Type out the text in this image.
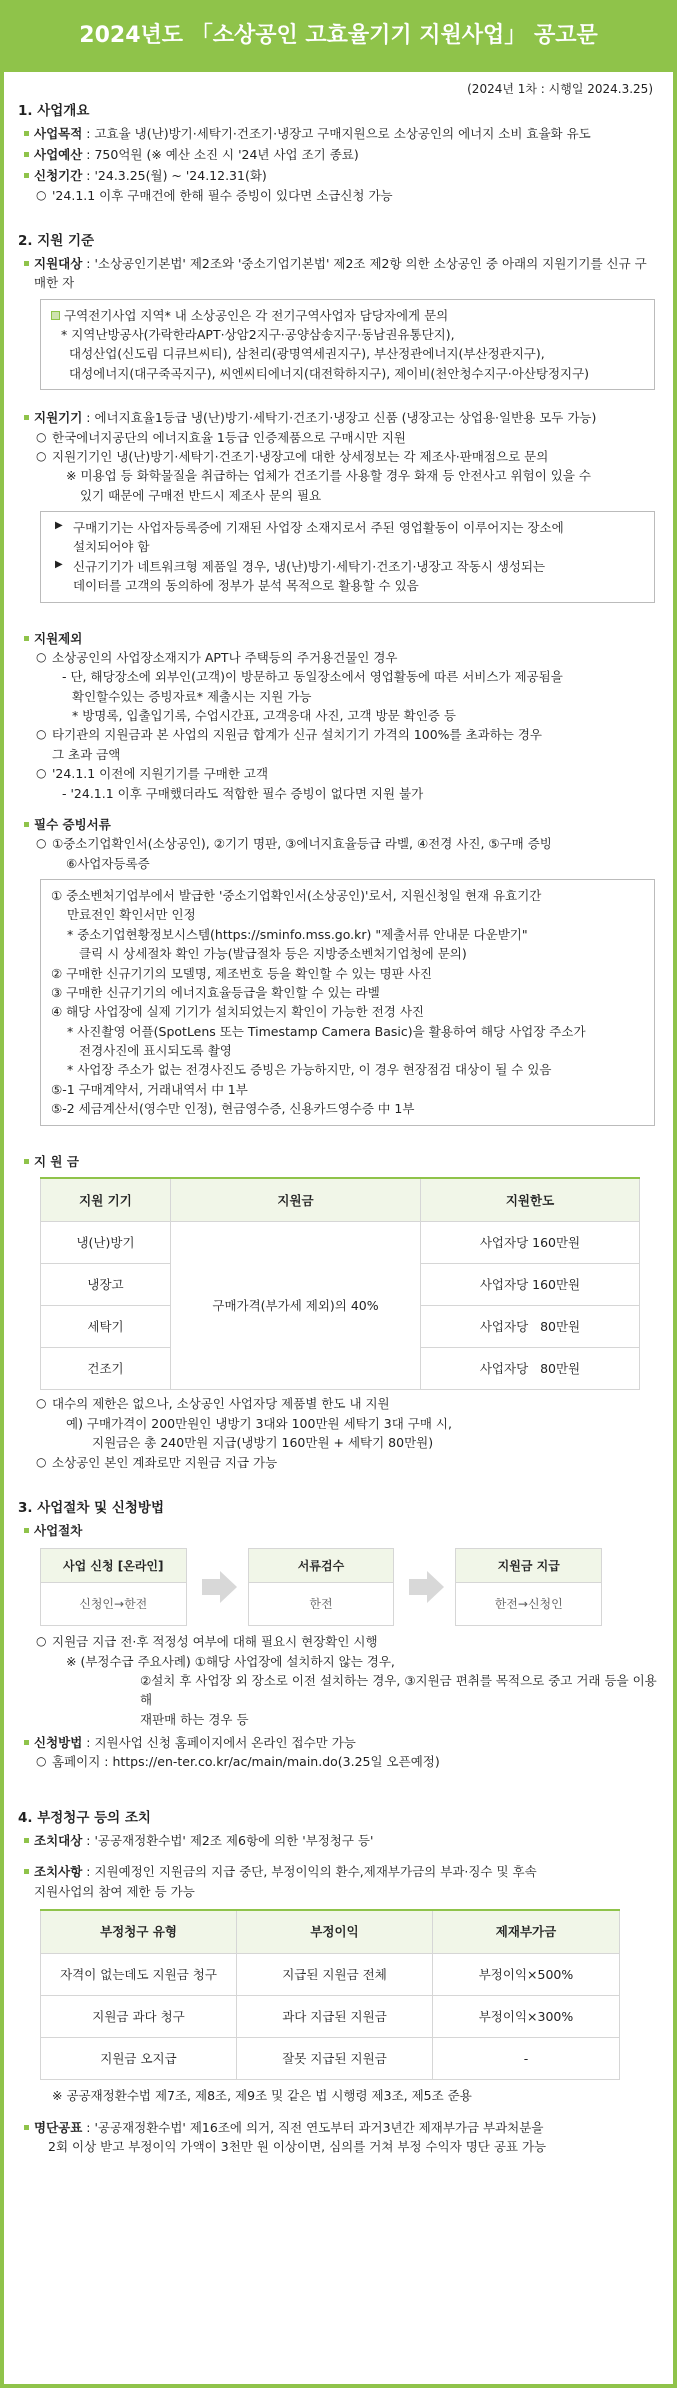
2024년도 「소상공인 고효율기기 지원사업」 공고문
(2024년 1차 : 시행일 2024.3.25)
1. 사업개요
사업목적 : 고효율 냉(난)방기·세탁기·건조기·냉장고 구매지원으로 소상공인의 에너지 소비 효율화 유도
사업예산 : 750억원 (※ 예산 소진 시 '24년 사업 조기 종료)
신청기간 : '24.3.25(월) ~ '24.12.31(화)
○ '24.1.1 이후 구매건에 한해 필수 증빙이 있다면 소급신청 가능
2. 지원 기준
지원대상 : '소상공인기본법' 제2조와 '중소기업기본법' 제2조 제2항 의한 소상공인 중 아래의 지원기기를 신규 구매한 자

구역전기사업 지역* 내 소상공인은 각 전기구역사업자 담당자에게 문의

* 지역난방공사(가락한라APT·상암2지구·공양삼송지구·동남권유통단지),

대성산업(신도림 디큐브씨티), 삼천리(광명역세권지구), 부산정관에너지(부산정관지구),

대성에너지(대구죽곡지구), 씨엔씨티에너지(대전학하지구), 제이비(천안청수지구·아산탕정지구)

지원기기 : 에너지효율1등급 냉(난)방기·세탁기·건조기·냉장고 신품 (냉장고는 상업용·일반용 모두 가능)
○ 한국에너지공단의 에너지효율 1등급 인증제품으로 구매시만 지원
○ 지원기기인 냉(난)방기·세탁기·건조기·냉장고에 대한 상세정보는 각 제조사·판매점으로 문의

※ 미용업 등 화학물질을 취급하는 업체가 건조기를 사용할 경우 화재 등 안전사고 위험이 있을 수

있기 때문에 구매전 반드시 제조사 문의 필요

▶ 구매기기는 사업자등록증에 기재된 사업장 소재지로서 주된 영업활동이 이루어지는 장소에

설치되어야 함

▶ 신규기기가 네트워크형 제품일 경우, 냉(난)방기·세탁기·건조기·냉장고 작동시 생성되는

데이터를 고객의 동의하에 정부가 분석 목적으로 활용할 수 있음

지원제외
○ 소상공인의 사업장소재지가 APT나 주택등의 주거용건물인 경우

- 단, 해당장소에 외부인(고객)이 방문하고 동일장소에서 영업활동에 따른 서비스가 제공됨을

확인할수있는 증빙자료* 제출시는 지원 가능

* 방명록, 입출입기록, 수업시간표, 고객응대 사진, 고객 방문 확인증 등

○ 타기관의 지원금과 본 사업의 지원금 합계가 신규 설치기기 가격의 100%를 초과하는 경우
그 초과 금액
○ '24.1.1 이전에 지원기기를 구매한 고객
- '24.1.1 이후 구매했더라도 적합한 필수 증빙이 없다면 지원 불가
필수 증빙서류
○ ①중소기업확인서(소상공인), ②기기 명판, ③에너지효율등급 라벨, ④전경 사진, ⑤구매 증빙
⑥사업자등록증

① 중소벤처기업부에서 발급한 '중소기업확인서(소상공인)'로서, 지원신청일 현재 유효기간

만료전인 확인서만 인정

* 중소기업현황정보시스템(https://sminfo.mss.go.kr) "제출서류 안내문 다운받기"

클릭 시 상세절차 확인 가능(발급절차 등은 지방중소벤처기업청에 문의)

② 구매한 신규기기의 모델명, 제조번호 등을 확인할 수 있는 명판 사진

③ 구매한 신규기기의 에너지효율등급을 확인할 수 있는 라벨

④ 해당 사업장에 실제 기기가 설치되었는지 확인이 가능한 전경 사진

* 사진촬영 어플(SpotLens 또는 Timestamp Camera Basic)을 활용하여 해당 사업장 주소가

전경사진에 표시되도록 촬영

* 사업장 주소가 없는 전경사진도 증빙은 가능하지만, 이 경우 현장점검 대상이 될 수 있음

⑤-1 구매계약서, 거래내역서 中 1부

⑤-2 세금계산서(영수만 인정), 현금영수증, 신용카드영수증 中 1부

지 원 금
지원 기기	지원금	지원한도
냉(난)방기	구매가격(부가세 제외)의 40%	사업자당 160만원
냉장고		사업자당 160만원
세탁기		사업자당   80만원
건조기		사업자당   80만원
○ 대수의 제한은 없으나, 소상공인 사업자당 제품별 한도 내 지원

예) 구매가격이 200만원인 냉방기 3대와 100만원 세탁기 3대 구매 시,

지원금은 총 240만원 지급(냉방기 160만원 + 세탁기 80만원)

○ 소상공인 본인 계좌로만 지원금 지급 가능
3. 사업절차 및 신청방법
사업절차
사업 신청 [온라인]
신청인→한전
서류검수
한전
지원금 지급
한전→신청인
○ 지원금 지급 전·후 적정성 여부에 대해 필요시 현장확인 시행

※ (부정수급 주요사례) ①해당 사업장에 설치하지 않는 경우,

②설치 후 사업장 외 장소로 이전 설치하는 경우, ③지원금 편취를 목적으로 중고 거래 등을 이용해

재판매 하는 경우 등

신청방법 : 지원사업 신청 홈페이지에서 온라인 접수만 가능
○ 홈페이지 : https://en-ter.co.kr/ac/main/main.do(3.25일 오픈예정)
4. 부정청구 등의 조치
조치대상 : '공공재정환수법' 제2조 제6항에 의한 '부정청구 등'
조치사항 : 지원예정인 지원금의 지급 중단, 부정이익의 환수,제재부가금의 부과·징수 및 후속
지원사업의 참여 제한 등 가능
부정청구 유형	부정이익	제재부가금
자격이 없는데도 지원금 청구	지급된 지원금 전체	부정이익×500%
지원금 과다 청구	과다 지급된 지원금	부정이익×300%
지원금 오지급	잘못 지급된 지원금	-
※ 공공재정환수법 제7조, 제8조, 제9조 및 같은 법 시행령 제3조, 제5조 준용
명단공표 : '공공재정환수법' 제16조에 의거, 직전 연도부터 과거3년간 제재부가금 부과처분을
2회 이상 받고 부정이익 가액이 3천만 원 이상이면, 심의를 거쳐 부정 수익자 명단 공표 가능
